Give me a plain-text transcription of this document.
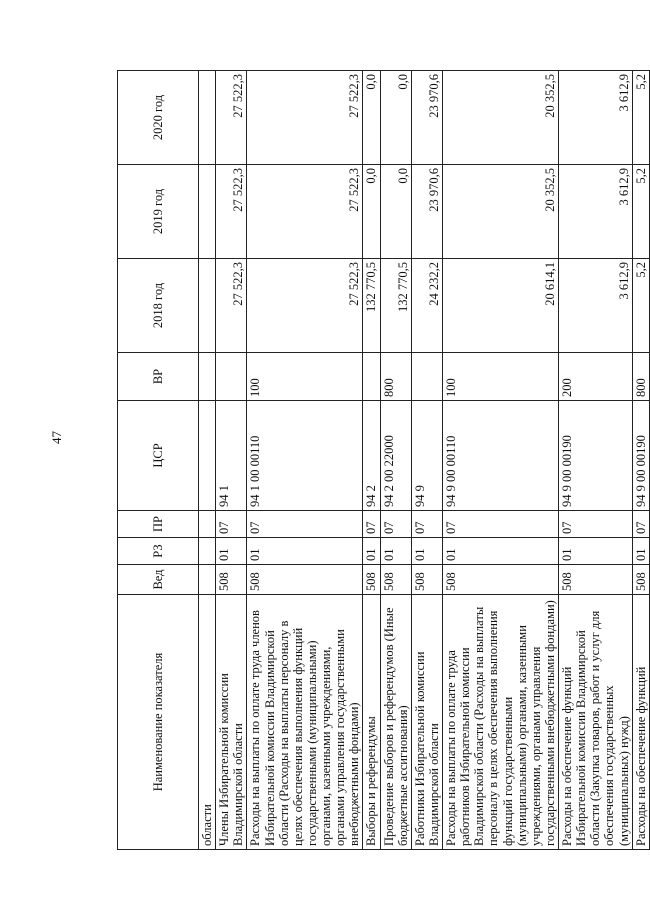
47
Наименование показателя	Вед	РЗ	ПР	ЦСР	ВР	2018 год	2019 год	2020 год
области								
Члены Избирательной комиссии Владимирской области	508	01	07	94 1		27 522,3	27 522,3	27 522,3
Расходы на выплаты по оплате труда членов Избирательной комиссии Владимирской области (Расходы на выплаты персоналу в целях обеспечения выполнения функций государственными (муниципальными) органами, казенными учреждениями, органами управления государственными внебюджетными фондами)	508	01	07	94 1 00 00110	100	27 522,3	27 522,3	27 522,3
Выборы и референдумы	508	01	07	94 2		132 770,5	0,0	0,0
Проведение выборов и референдумов (Иные бюджетные ассигнования)	508	01	07	94 2 00 22000	800	132 770,5	0,0	0,0
Работники Избирательной комиссии Владимирской области	508	01	07	94 9		24 232,2	23 970,6	23 970,6
Расходы на выплаты по оплате труда работников Избирательной комиссии Владимирской области (Расходы на выплаты персоналу в целях обеспечения выполнения функций государственными (муниципальными) органами, казенными учреждениями, органами управления государственными внебюджетными фондами)	508	01	07	94 9 00 00110	100	20 614,1	20 352,5	20 352,5
Расходы на обеспечение функций Избирательной комиссии Владимирской области (Закупка товаров, работ и услуг для обеспечения государственных (муниципальных) нужд)	508	01	07	94 9 00 00190	200	3 612,9	3 612,9	3 612,9
Расходы на обеспечение функций	508	01	07	94 9 00 00190	800	5,2	5,2	5,2
